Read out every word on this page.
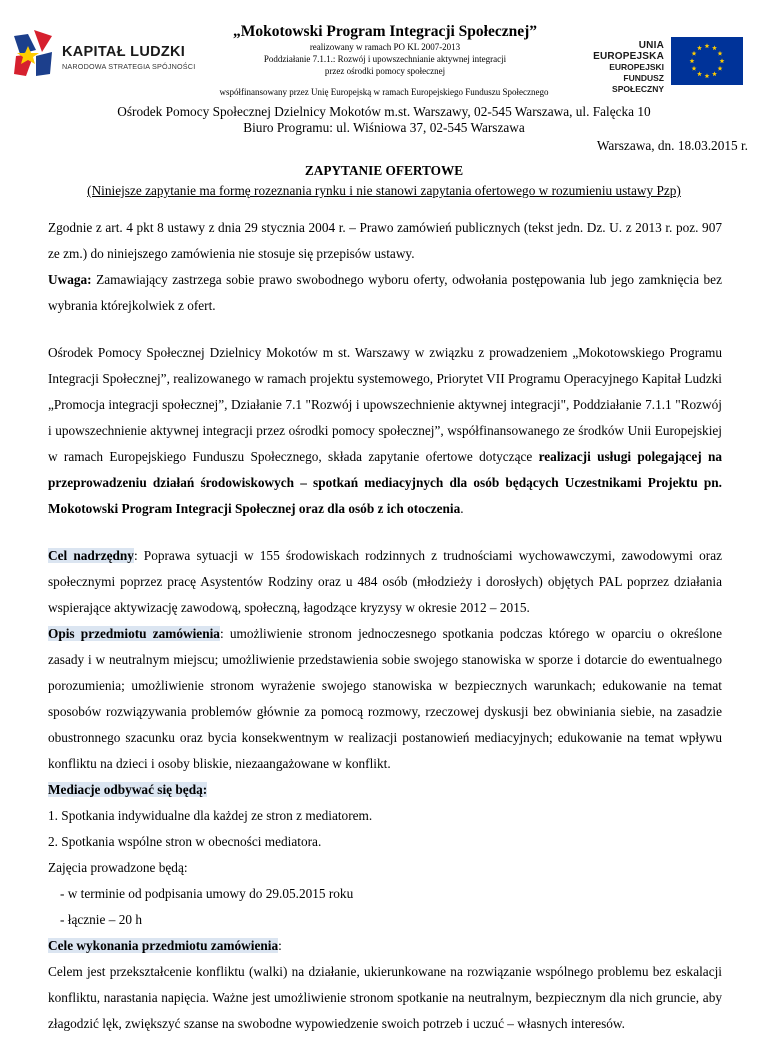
KAPITAŁ LUDZKI
NARODOWA STRATEGIA SPÓJNOŚCI
„Mokotowski Program Integracji Społecznej”
realizowany w ramach PO KL 2007-2013
Poddziałanie 7.1.1.: Rozwój i upowszechnianie aktywnej integracji
przez ośrodki pomocy społecznej
współfinansowany przez Unię Europejską w ramach Europejskiego Funduszu Społecznego
UNIA EUROPEJSKA
EUROPEJSKI
FUNDUSZ SPOŁECZNY
Ośrodek Pomocy Społecznej Dzielnicy Mokotów m.st. Warszawy, 02-545 Warszawa, ul. Falęcka 10
Biuro Programu: ul. Wiśniowa 37, 02-545 Warszawa
Warszawa, dn. 18.03.2015 r.
ZAPYTANIE OFERTOWE
(Niniejsze zapytanie ma formę rozeznania rynku i nie stanowi zapytania ofertowego w rozumieniu ustawy Pzp)

Zgodnie z art. 4 pkt 8 ustawy z dnia 29 stycznia 2004 r. – Prawo zamówień publicznych (tekst jedn. Dz. U. z 2013 r. poz. 907 ze zm.) do niniejszego zamówienia nie stosuje się przepisów ustawy.

Uwaga: Zamawiający zastrzega sobie prawo swobodnego wyboru oferty, odwołania postępowania lub jego zamknięcia bez wybrania którejkolwiek z ofert.

Ośrodek Pomocy Społecznej Dzielnicy Mokotów m st. Warszawy w związku z prowadzeniem „Mokotowskiego Programu Integracji Społecznej”, realizowanego w ramach projektu systemowego, Priorytet VII Programu Operacyjnego Kapitał Ludzki „Promocja integracji społecznej”, Działanie 7.1 "Rozwój i upowszechnienie aktywnej integracji", Poddziałanie 7.1.1 "Rozwój i upowszechnienie aktywnej integracji przez ośrodki pomocy społecznej”, współfinansowanego ze środków Unii Europejskiej w ramach Europejskiego Funduszu Społecznego, składa zapytanie ofertowe dotyczące realizacji usługi polegającej na przeprowadzeniu działań środowiskowych – spotkań mediacyjnych dla osób będących Uczestnikami Projektu pn. Mokotowski Program Integracji Społecznej oraz dla osób z ich otoczenia.

Cel nadrzędny: Poprawa sytuacji w 155 środowiskach rodzinnych z trudnościami wychowawczymi, zawodowymi oraz społecznymi poprzez pracę Asystentów Rodziny oraz u 484 osób (młodzieży i dorosłych) objętych PAL poprzez działania wspierające aktywizację zawodową, społeczną, łagodzące kryzysy w okresie 2012 – 2015.

Opis przedmiotu zamówienia: umożliwienie stronom jednoczesnego spotkania podczas którego w oparciu o określone zasady i w neutralnym miejscu; umożliwienie przedstawienia sobie swojego stanowiska w sporze i dotarcie do ewentualnego porozumienia; umożliwienie stronom wyrażenie swojego stanowiska w bezpiecznych warunkach; edukowanie na temat sposobów rozwiązywania problemów głównie za pomocą rozmowy, rzeczowej dyskusji bez obwiniania siebie, na zasadzie obustronnego szacunku oraz bycia konsekwentnym w realizacji postanowień mediacyjnych; edukowanie na temat wpływu konfliktu na dzieci i osoby bliskie, niezaangażowane w konflikt.

Mediacje odbywać się będą:

1. Spotkania indywidualne dla każdej ze stron z mediatorem.

2. Spotkania wspólne stron w obecności mediatora.

Zajęcia prowadzone będą:

- w terminie od podpisania umowy do 29.05.2015 roku

- łącznie – 20 h

Cele wykonania przedmiotu zamówienia:

Celem jest przekształcenie konfliktu (walki) na działanie, ukierunkowane na rozwiązanie wspólnego problemu bez eskalacji konfliktu, narastania napięcia. Ważne jest umożliwienie stronom spotkanie na neutralnym, bezpiecznym dla nich gruncie, aby złagodzić lęk, zwiększyć szanse na swobodne wypowiedzenie swoich potrzeb i uczuć – własnych interesów.
